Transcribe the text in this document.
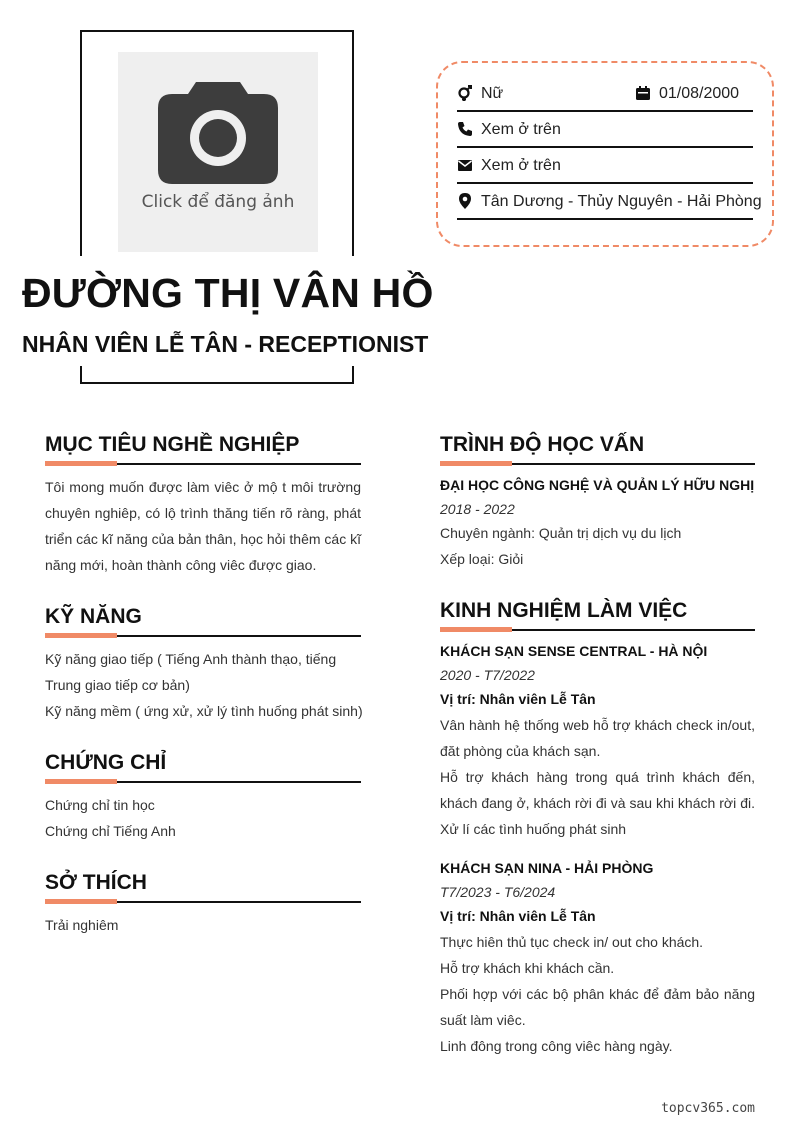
Click để đăng ảnh
ĐƯỜNG THỊ VÂN HỒ
NHÂN VIÊN LỄ TÂN - RECEPTIONIST
Nữ	01/08/2000
Xem ở trên
Xem ở trên
Tân Dương - Thủy Nguyên - Hải Phòng
MỤC TIÊU NGHỀ NGHIỆP
Tôi mong muốn được làm viêc ở mộ t môi trường
chuyên nghiêp, có lộ trình thăng tiến rõ ràng, phát
triển các kĩ năng của bản thân, học hỏi thêm các kĩ
năng mới, hoàn thành công viêc được giao.
KỸ NĂNG
Kỹ năng giao tiếp ( Tiếng Anh thành thạo, tiếng
Trung giao tiếp cơ bản)
Kỹ năng mềm ( ứng xử, xử lý tình huống phát sinh)
CHỨNG CHỈ
Chứng chỉ tin học
Chứng chỉ Tiếng Anh
SỞ THÍCH
Trải nghiêm
TRÌNH ĐỘ HỌC VẤN
ĐẠI HỌC CÔNG NGHỆ VÀ QUẢN LÝ HỮU NGHỊ
2018 - 2022
Chuyên ngành: Quản trị dịch vụ du lịch
Xếp loại: Giỏi
KINH NGHIỆM LÀM VIỆC
KHÁCH SẠN SENSE CENTRAL - HÀ NỘI
2020 - T7/2022
Vị trí: Nhân viên Lễ Tân
Vân hành hệ thống web hỗ trợ khách check in/out,
đăt phòng của khách sạn.
Hỗ trợ khách hàng trong quá trình khách đến,
khách đang ở, khách rời đi và sau khi khách rời đi.
Xử lí các tình huống phát sinh
KHÁCH SẠN NINA - HẢI PHÒNG
T7/2023 - T6/2024
Vị trí: Nhân viên Lễ Tân
Thực hiên thủ tục check in/ out cho khách.
Hỗ trợ khách khi khách cần.
Phối hợp với các bộ phân khác để đảm bảo năng
suất làm viêc.
Linh đông trong công viêc hàng ngày.
topcv365.com
